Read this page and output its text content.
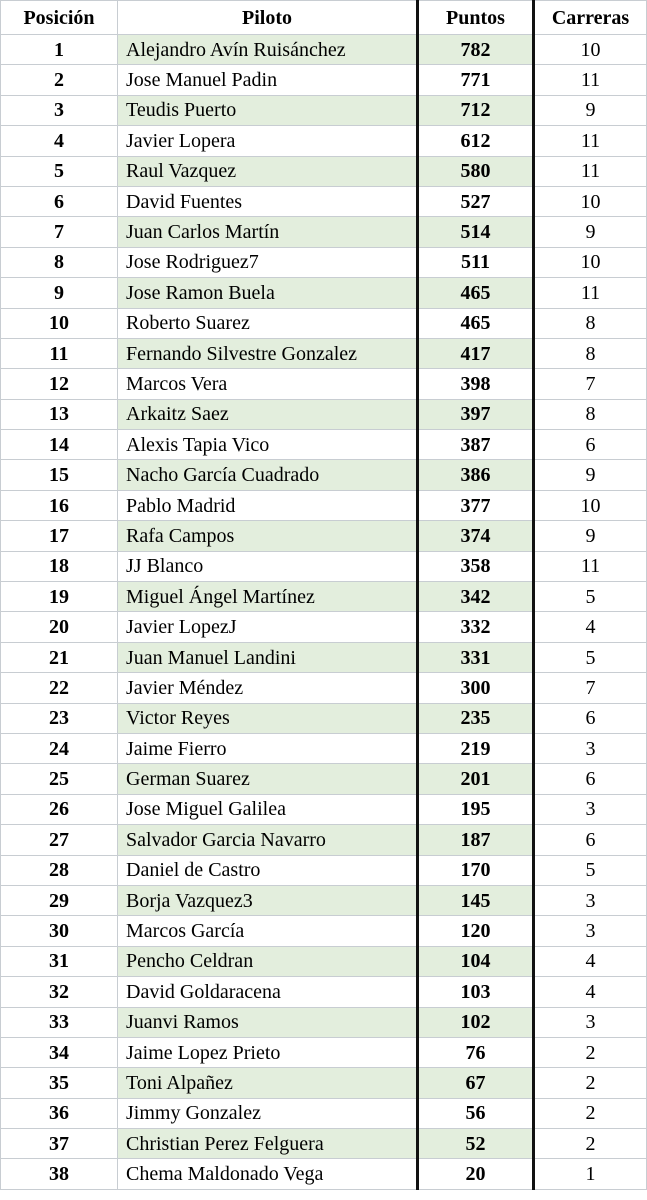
Posición	Piloto	Puntos	Carreras
1	Alejandro Avín Ruisánchez	782	10
2	Jose Manuel Padin	771	11
3	Teudis Puerto	712	9
4	Javier Lopera	612	11
5	Raul Vazquez	580	11
6	David Fuentes	527	10
7	Juan Carlos Martín	514	9
8	Jose Rodriguez7	511	10
9	Jose Ramon Buela	465	11
10	Roberto Suarez	465	8
11	Fernando Silvestre Gonzalez	417	8
12	Marcos Vera	398	7
13	Arkaitz Saez	397	8
14	Alexis Tapia Vico	387	6
15	Nacho García Cuadrado	386	9
16	Pablo Madrid	377	10
17	Rafa Campos	374	9
18	JJ Blanco	358	11
19	Miguel Ángel Martínez	342	5
20	Javier LopezJ	332	4
21	Juan Manuel Landini	331	5
22	Javier Méndez	300	7
23	Victor Reyes	235	6
24	Jaime Fierro	219	3
25	German Suarez	201	6
26	Jose Miguel Galilea	195	3
27	Salvador Garcia Navarro	187	6
28	Daniel de Castro	170	5
29	Borja Vazquez3	145	3
30	Marcos García	120	3
31	Pencho Celdran	104	4
32	David Goldaracena	103	4
33	Juanvi Ramos	102	3
34	Jaime Lopez Prieto	76	2
35	Toni Alpañez	67	2
36	Jimmy Gonzalez	56	2
37	Christian Perez Felguera	52	2
38	Chema Maldonado Vega	20	1
